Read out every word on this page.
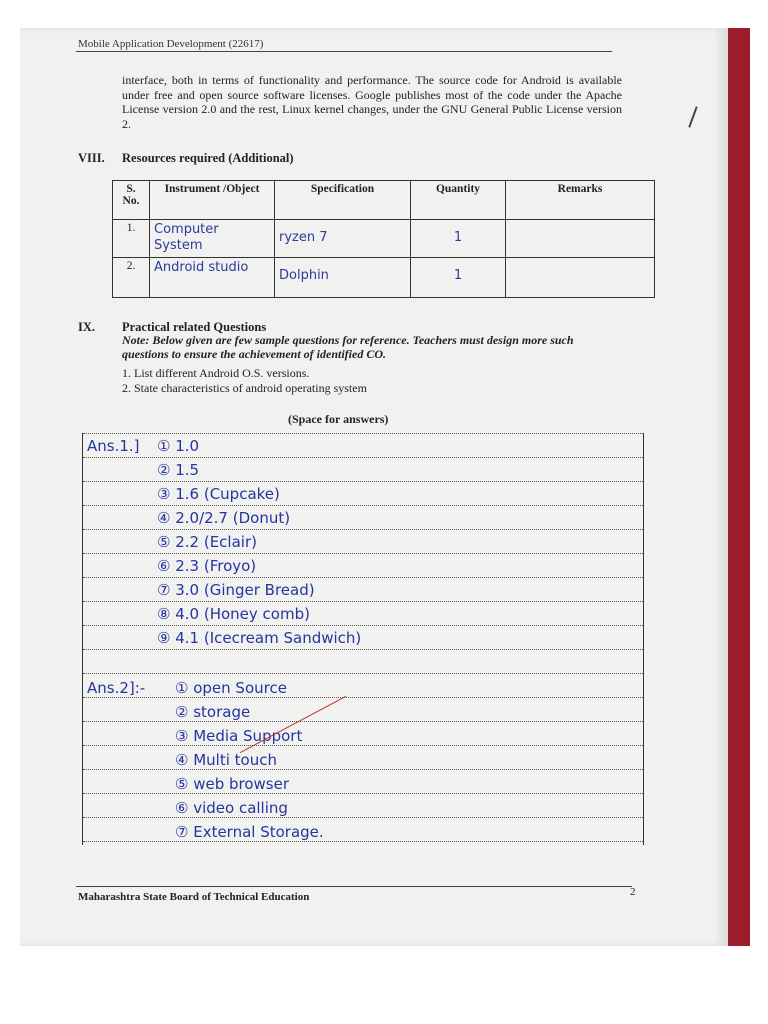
Mobile Application Development (22617)
interface, both in terms of functionality and performance. The source code for Android is available under free and open source software licenses. Google publishes most of the code under the Apache License version 2.0 and the rest, Linux kernel changes, under the GNU General Public License version 2.
VIII. Resources required (Additional)
S. No.	Instrument /Object	Specification	Quantity	Remarks
1.	Computer System	ryzen 7	1	
2.	Android studio	Dolphin	1	
IX. Practical related Questions
Note: Below given are few sample questions for reference. Teachers must design more such questions to ensure the achievement of identified CO.
1. List different Android O.S. versions.
2. State characteristics of android operating system
(Space for answers)
Ans.1.] ① 1.0
② 1.5
③ 1.6 (Cupcake)
④ 2.0/2.7 (Donut)
⑤ 2.2 (Eclair)
⑥ 2.3 (Froyo)
⑦ 3.0 (Ginger Bread)
⑧ 4.0 (Honey comb)
⑨ 4.1 (Icecream Sandwich)
Ans.2]:- ① open Source
② storage
③ Media Support
④ Multi touch
⑤ web browser
⑥ video calling
⑦ External Storage.
Maharashtra State Board of Technical Education	2
